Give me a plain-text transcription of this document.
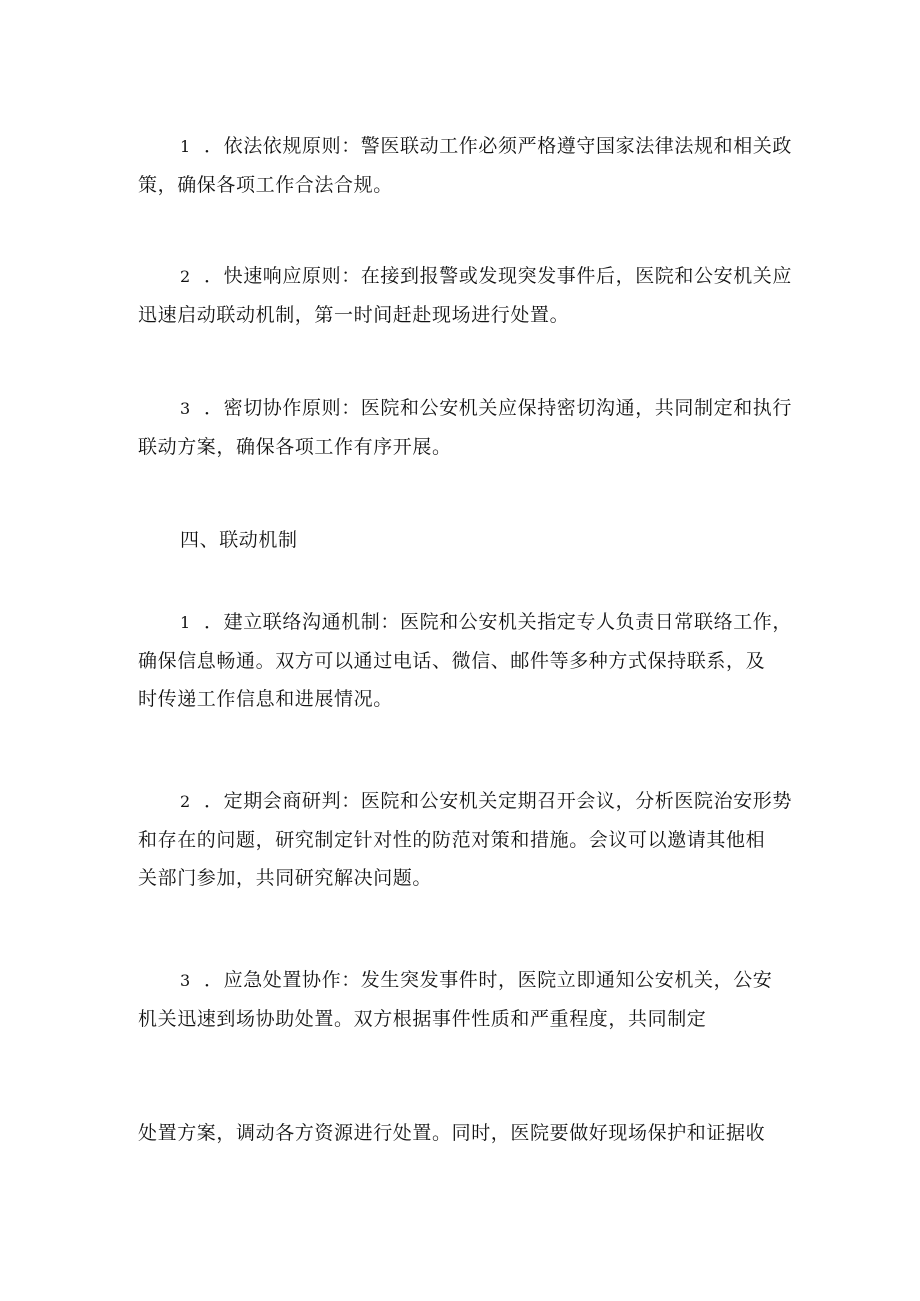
1 ．依法依规原则：警医联动工作必须严格遵守国家法律法规和相关政
策，确保各项工作合法合规。
2 ．快速响应原则：在接到报警或发现突发事件后，医院和公安机关应
迅速启动联动机制，第一时间赶赴现场进行处置。
3 ．密切协作原则：医院和公安机关应保持密切沟通，共同制定和执行
联动方案，确保各项工作有序开展。
四、联动机制
1 ．建立联络沟通机制：医院和公安机关指定专人负责日常联络工作，
确保信息畅通。双方可以通过电话、微信、邮件等多种方式保持联系，及
时传递工作信息和进展情况。
2 ．定期会商研判：医院和公安机关定期召开会议，分析医院治安形势
和存在的问题，研究制定针对性的防范对策和措施。会议可以邀请其他相
关部门参加，共同研究解决问题。
3 ．应急处置协作：发生突发事件时，医院立即通知公安机关，公安
机关迅速到场协助处置。双方根据事件性质和严重程度，共同制定
处置方案，调动各方资源进行处置。同时，医院要做好现场保护和证据收
